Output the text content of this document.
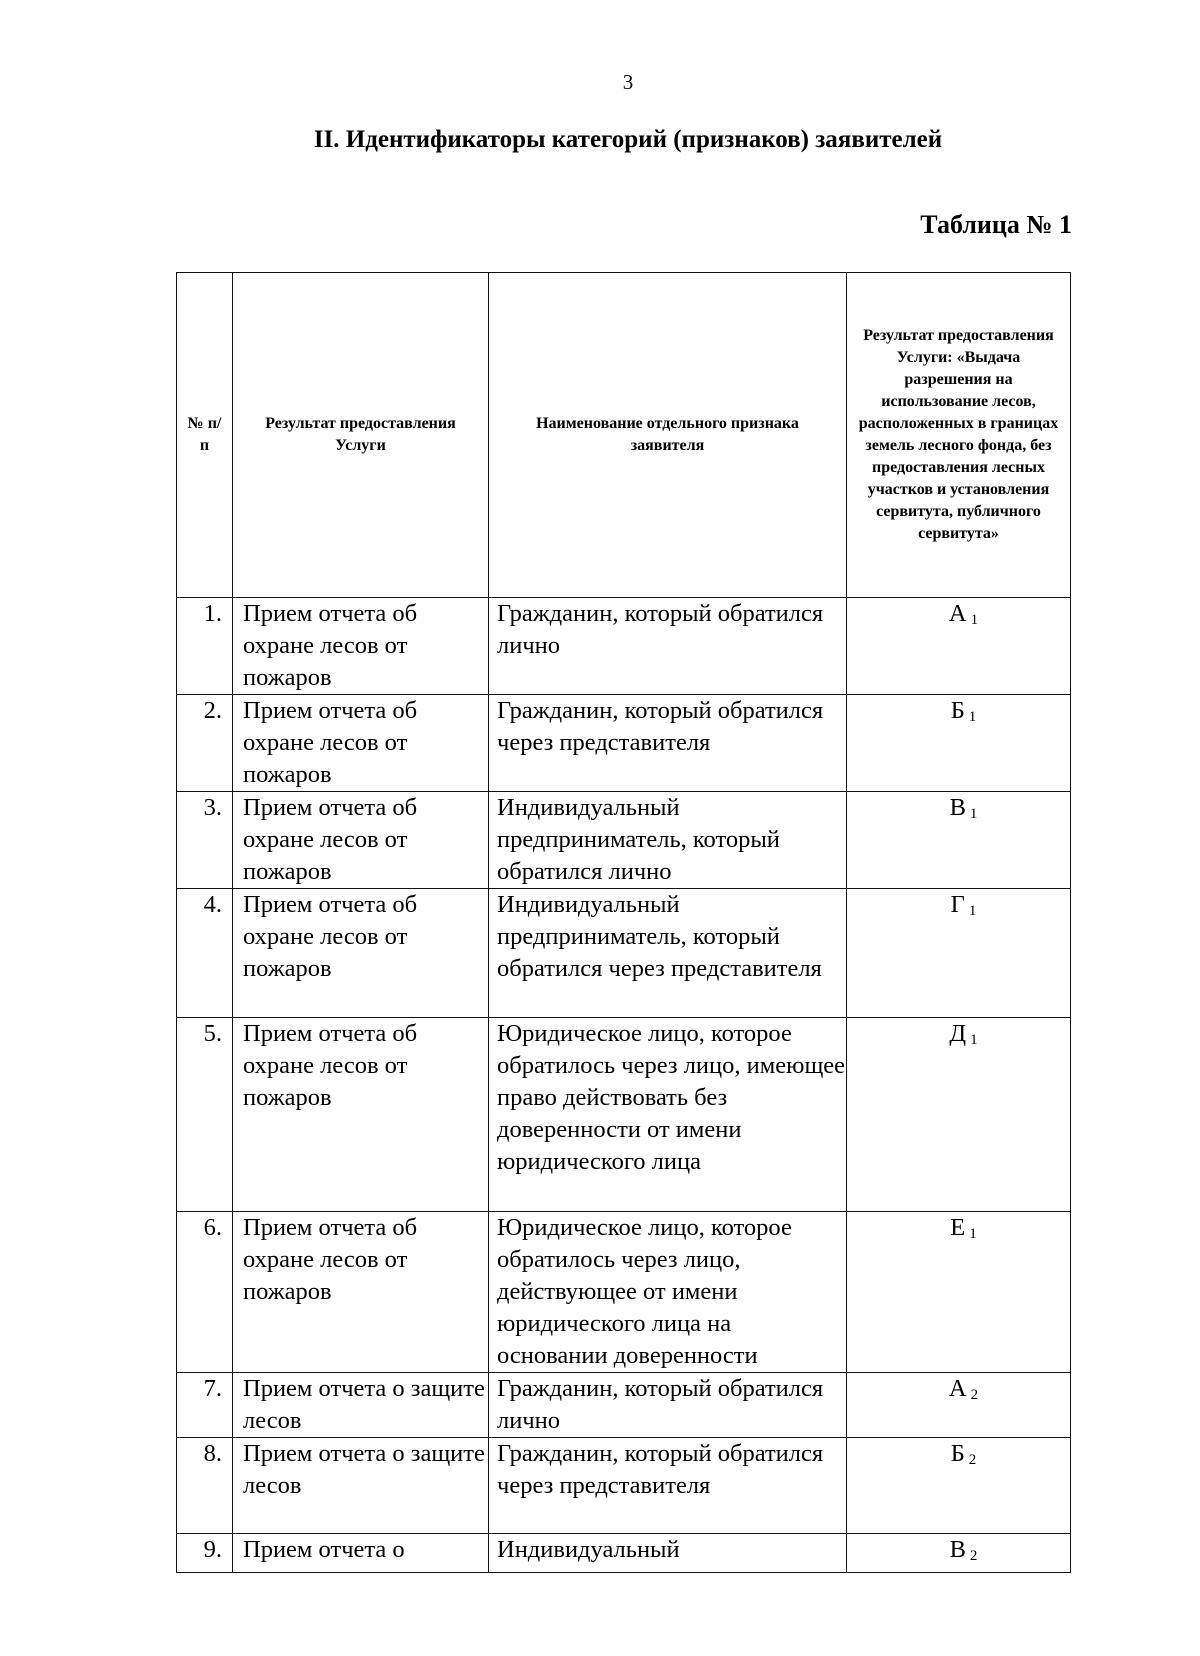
3
II. Идентификаторы категорий (признаков) заявителей
Таблица № 1
№ п/п	Результат предоставления Услуги	Наименование отдельного признака заявителя	Результат предоставления Услуги: «Выдача разрешения на использование лесов, расположенных в границах земель лесного фонда, без предоставления лесных участков и установления сервитута, публичного сервитута»
1.	Прием отчета об охране лесов от пожаров	Гражданин, который обратился лично	А $_1$
2.	Прием отчета об охране лесов от пожаров	Гражданин, который обратился через представителя	Б $_1$
3.	Прием отчета об охране лесов от пожаров	Индивидуальный предприниматель, который обратился лично	В $_1$
4.	Прием отчета об охране лесов от пожаров	Индивидуальный предприниматель, который обратился через представителя	Г $_1$
5.	Прием отчета об охране лесов от пожаров	Юридическое лицо, которое обратилось через лицо, имеющее право действовать без доверенности от имени юридического лица	Д $_1$
6.	Прием отчета об охране лесов от пожаров	Юридическое лицо, которое обратилось через лицо, действующее от имени юридического лица на основании доверенности	Е $_1$
7.	Прием отчета о защите лесов	Гражданин, который обратился лично	А $_2$
8.	Прием отчета о защите лесов	Гражданин, который обратился через представителя	Б $_2$
9.	Прием отчета о	Индивидуальный	В $_2$
